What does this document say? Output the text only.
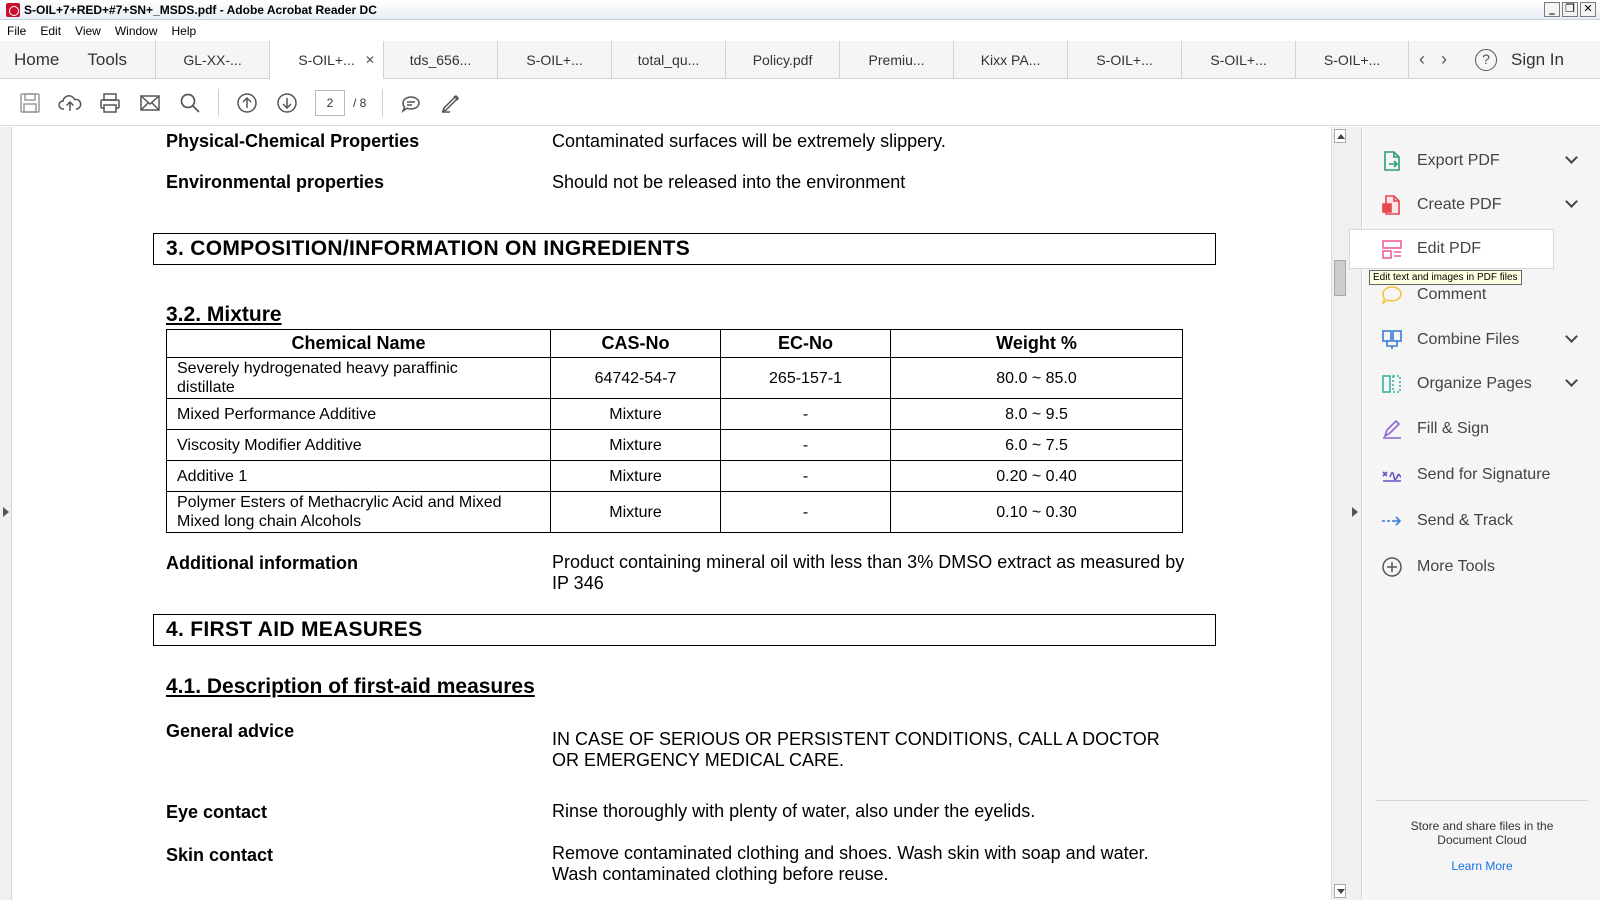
S-OIL+7+RED+#7+SN+_MSDS.pdf - Adobe Acrobat Reader DC	_ ❐ ✕
File	Edit	View	Window	Help
Home	Tools	GL-XX-...	S-OIL+... ✕	tds_656...	S-OIL+...	total_qu...	Policy.pdf	Premiu...	Kixx PA...	S-OIL+...	S-OIL+...	S-OIL+...	‹ ›	?	Sign In
2	/ 8
Physical-Chemical Properties	Contaminated surfaces will be extremely slippery.
Environmental properties	Should not be released into the environment
3. COMPOSITION/INFORMATION ON INGREDIENTS
3.2. Mixture
Chemical Name	CAS-No	EC-No	Weight %
Severely hydrogenated heavy paraffinic
distillate	64742-54-7	265-157-1	80.0 ~ 85.0
Mixed Performance Additive	Mixture	-	8.0 ~ 9.5
Viscosity Modifier Additive	Mixture	-	6.0 ~ 7.5
Additive 1	Mixture	-	0.20 ~ 0.40
Polymer Esters of Methacrylic Acid and Mixed
Mixed long chain Alcohols	Mixture	-	0.10 ~ 0.30
Additional information	Product containing mineral oil with less than 3% DMSO extract as measured by
IP 346
4. FIRST AID MEASURES
4.1. Description of first-aid measures
General advice	IN CASE OF SERIOUS OR PERSISTENT CONDITIONS, CALL A DOCTOR
OR EMERGENCY MEDICAL CARE.
Eye contact	Rinse thoroughly with plenty of water, also under the eyelids.
Skin contact	Remove contaminated clothing and shoes. Wash skin with soap and water.
Wash contaminated clothing before reuse.
Export PDF
Create PDF
Edit PDF
Comment
Combine Files
Organize Pages
Fill & Sign
Send for Signature
Send & Track
More Tools
Edit text and images in PDF files
Store and share files in the
Document Cloud
Learn More
